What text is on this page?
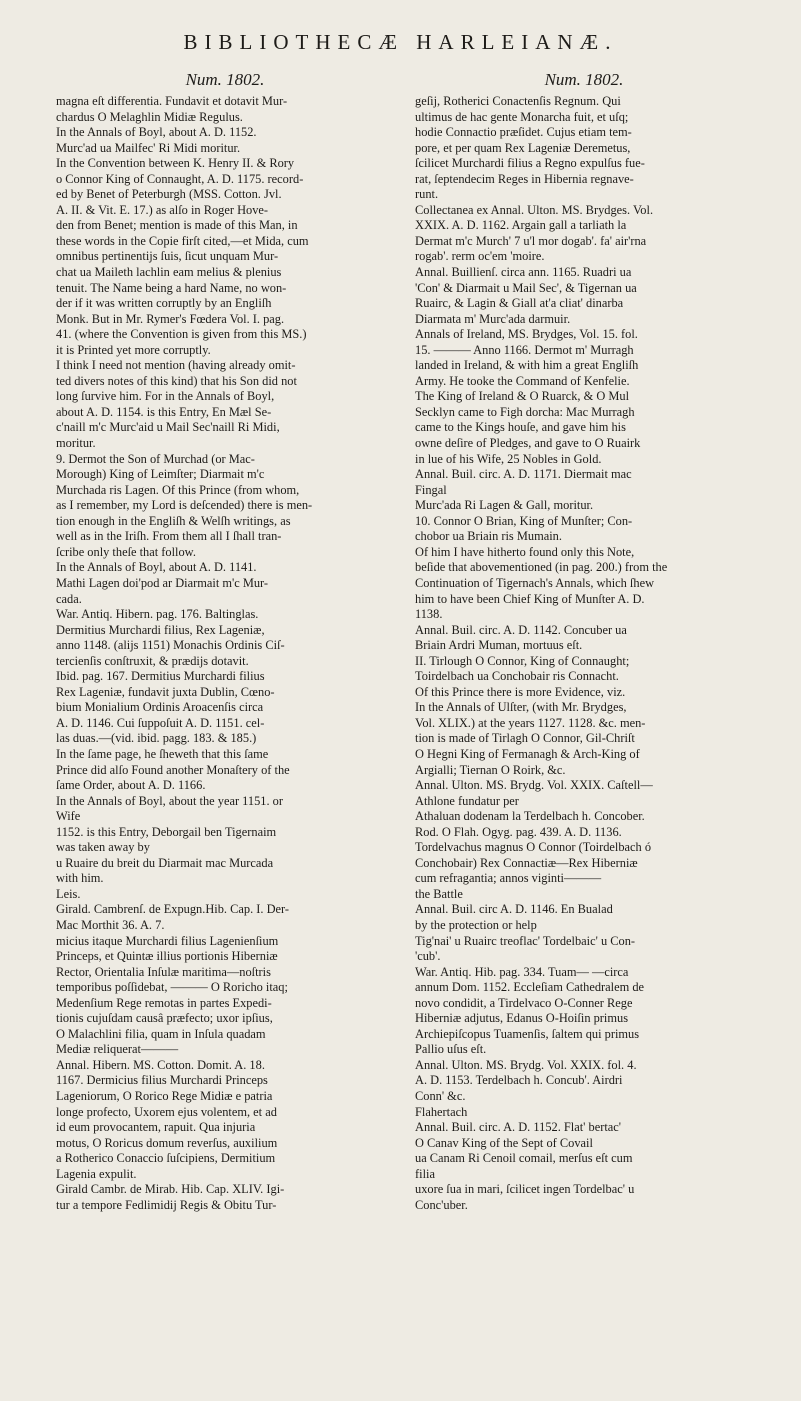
BIBLIOTHECÆ HARLEIANÆ.
Num. 1802.

magna eſt differentia. Fundavit et dotavit Mur-
chardus O Melaghlin Midiæ Regulus.
In the Annals of Boyl, about A. D. 1152.
Murc'ad ua Mailfec' Ri Midi moritur.
In the Convention between K. Henry II. & Rory
o Connor King of Connaught, A. D. 1175. record-
ed by Benet of Peterburgh (MSS. Cotton. Jvl.
A. II. & Vit. E. 17.) as alſo in Roger Hove-
den from Benet; mention is made of this Man, in
these words in the Copie firſt cited,—et Mida, cum
omnibus pertinentijs ſuis, ſicut unquam Mur-
chat ua Maileth lachlin eam melius & plenius
tenuit. The Name being a hard Name, no won-
der if it was written corruptly by an Engliſh
Monk. But in Mr. Rymer's Fœdera Vol. I. pag.
41. (where the Convention is given from this MS.)
it is Printed yet more corruptly.
I think I need not mention (having already omit-
ted divers notes of this kind) that his Son did not
long ſurvive him. For in the Annals of Boyl,
about A. D. 1154. is this Entry, En Mæl Se-
c'naill m'c Murc'aid u Mail Sec'naill Ri Midi,
moritur.
9. Dermot the Son of Murchad (or Mac-
Morough) King of Leimſter; Diarmait m'c
Murchada ris Lagen. Of this Prince (from whom,
as I remember, my Lord is deſcended) there is men-
tion enough in the Engliſh & Welſh writings, as
well as in the Iriſh. From them all I ſhall tran-
ſcribe only theſe that follow.
In the Annals of Boyl, about A. D. 1141.
Mathi Lagen doi'pod ar Diarmait m'c Mur-
cada.
War. Antiq. Hibern. pag. 176. Baltinglas.
Dermitius Murchardi filius, Rex Lageniæ,
anno 1148. (alijs 1151) Monachis Ordinis Ciſ-
tercienſis conſtruxit, & prædijs dotavit.
Ibid. pag. 167. Dermitius Murchardi filius
Rex Lageniæ, fundavit juxta Dublin, Cœno-
bium Monialium Ordinis Aroacenſis circa
A. D. 1146. Cui ſuppoſuit A. D. 1151. cel-
las duas.—(vid. ibid. pagg. 183. & 185.)
In the ſame page, he ſheweth that this ſame
Prince did alſo Found another Monaſtery of the
ſame Order, about A. D. 1166.
In the Annals of Boyl, about the year 1151. or
Wife
1152. is this Entry, Deborgail ben Tigernaim
was taken away by
u Ruaire du breit du Diarmait mac Murcada
with him.
Leis.
Girald. Cambrenſ. de Expugn.Hib. Cap. I. Der-
Mac Morthit 36. A. 7.
micius itaque Murchardi filius Lagenienſium
Princeps, et Quintæ illius portionis Hiberniæ
Rector, Orientalia Inſulæ maritima—noſtris
temporibus poſſidebat, ——— O Roricho itaq;
Medenſium Rege remotas in partes Expedi-
tionis cujuſdam causâ præfecto; uxor ipſius,
O Malachlini filia, quam in Inſula quadam
Mediæ reliquerat———
Annal. Hibern. MS. Cotton. Domit. A. 18.
1167. Dermicius filius Murchardi Princeps
Lageniorum, O Rorico Rege Midiæ e patria
longe profecto, Uxorem ejus volentem, et ad
id eum provocantem, rapuit. Qua injuria
motus, O Roricus domum reverſus, auxilium
a Rotherico Conaccio ſuſcipiens, Dermitium
Lagenia expulit.
Girald Cambr. de Mirab. Hib. Cap. XLIV. Igi-
tur a tempore Fedlimidij Regis & Obitu Tur-

Num. 1802.

geſij, Rotherici Conactenſis Regnum. Qui
ultimus de hac gente Monarcha fuit, et uſq;
hodie Connactio præſidet. Cujus etiam tem-
pore, et per quam Rex Lageniæ Deremetus,
ſcilicet Murchardi filius a Regno expulſus fue-
rat, ſeptendecim Reges in Hibernia regnave-
runt.
Collectanea ex Annal. Ulton. MS. Brydges. Vol.
XXIX. A. D. 1162. Argain gall a tarliath la
Dermat m'c Murch' 7 u'l mor dogab'. fa' air'rna
rogab'. rerm oc'em 'moire.
Annal. Buillienſ. circa ann. 1165. Ruadri ua
'Con' & Diarmait u Mail Sec', & Tigernan ua
Ruairc, & Lagin & Giall at'a cliat' dinarba
Diarmata m' Murc'ada darmuir.
Annals of Ireland, MS. Brydges, Vol. 15. fol.
15. ——— Anno 1166. Dermot m' Murragh
landed in Ireland, & with him a great Engliſh
Army. He tooke the Command of Kenfelie.
The King of Ireland & O Ruarck, & O Mul
Secklyn came to Figh dorcha: Mac Murragh
came to the Kings houſe, and gave him his
owne deſire of Pledges, and gave to O Ruairk
in lue of his Wife, 25 Nobles in Gold.
Annal. Buil. circ. A. D. 1171. Diermait mac
Fingal
Murc'ada Ri Lagen & Gall, moritur.
10. Connor O Brian, King of Munſter; Con-
chobor ua Briain ris Mumain.
Of him I have hitherto found only this Note,
beſide that abovementioned (in pag. 200.) from the
Continuation of Tigernach's Annals, which ſhew
him to have been Chief King of Munſter A. D.
1138.
Annal. Buil. circ. A. D. 1142. Concuber ua
Briain Ardri Muman, mortuus eſt.
II. Tirlough O Connor, King of Connaught;
Toirdelbach ua Conchobair ris Connacht.
Of this Prince there is more Evidence, viz.
In the Annals of Ulſter, (with Mr. Brydges,
Vol. XLIX.) at the years 1127. 1128. &c. men-
tion is made of Tirlagh O Connor, Gil-Chriſt
O Hegni King of Fermanagh & Arch-King of
Argialli; Tiernan O Roirk, &c.
Annal. Ulton. MS. Brydg. Vol. XXIX. Caſtell—
Athlone fundatur per
Athaluan dodenam la Terdelbach h. Concober.
Rod. O Flah. Ogyg. pag. 439. A. D. 1136.
Tordelvachus magnus O Connor (Toirdelbach ó
Conchobair) Rex Connactiæ—Rex Hiberniæ
cum refragantia; annos viginti———
the Battle
Annal. Buil. circ A. D. 1146. En Bualad
by the protection or help
Tig'nai' u Ruairc treoflac' Tordelbaic' u Con-
'cub'.
War. Antiq. Hib. pag. 334. Tuam— —circa
annum Dom. 1152. Eccleſiam Cathedralem de
novo condidit, a Tirdelvaco O-Conner Rege
Hiberniæ adjutus, Edanus O-Hoiſin primus
Archiepiſcopus Tuamenſis, ſaltem qui primus
Pallio uſus eſt.
Annal. Ulton. MS. Brydg. Vol. XXIX. fol. 4.
A. D. 1153. Terdelbach h. Concub'. Airdri
Conn' &c.
Flahertach
Annal. Buil. circ. A. D. 1152. Flat' bertac'
O Canav King of the Sept of Covail
ua Canam Ri Cenoil comail, merſus eſt cum
filia
uxore ſua in mari, ſcilicet ingen Tordelbac' u
Conc'uber.
